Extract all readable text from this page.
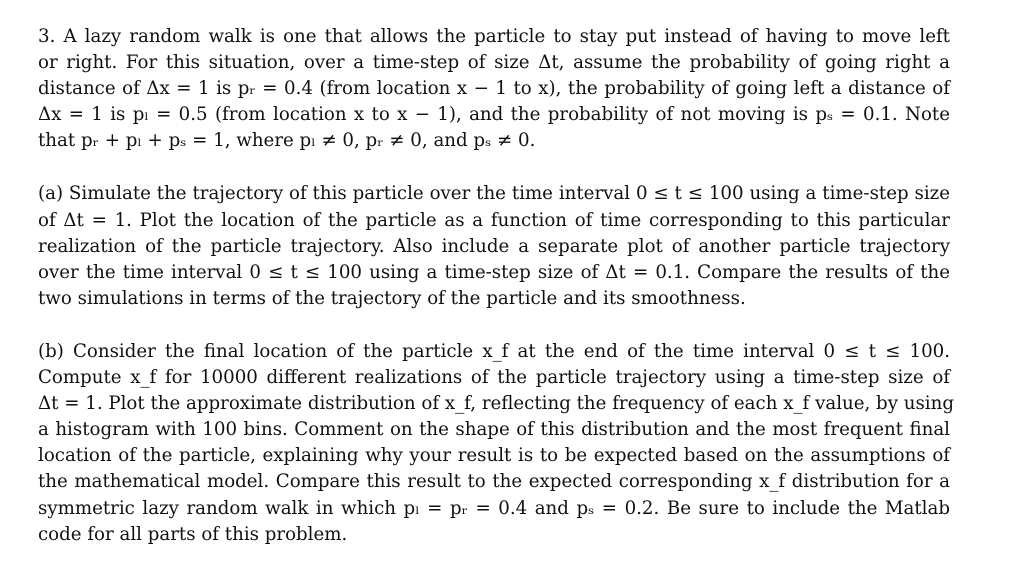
3. A lazy random walk is one that allows the particle to stay put instead of having to move left
or right. For this situation, over a time-step of size Δt, assume the probability of going right a
distance of Δx = 1 is pᵣ = 0.4 (from location x − 1 to x), the probability of going left a distance of
Δx = 1 is pₗ = 0.5 (from location x to x − 1), and the probability of not moving is pₛ = 0.1. Note
that pᵣ + pₗ + pₛ = 1, where pₗ ≠ 0, pᵣ ≠ 0, and pₛ ≠ 0.
(a) Simulate the trajectory of this particle over the time interval 0 ≤ t ≤ 100 using a time-step size
of Δt = 1. Plot the location of the particle as a function of time corresponding to this particular
realization of the particle trajectory. Also include a separate plot of another particle trajectory
over the time interval 0 ≤ t ≤ 100 using a time-step size of Δt = 0.1. Compare the results of the
two simulations in terms of the trajectory of the particle and its smoothness.
(b) Consider the final location of the particle x_f at the end of the time interval 0 ≤ t ≤ 100.
Compute x_f for 10000 different realizations of the particle trajectory using a time-step size of
Δt = 1. Plot the approximate distribution of x_f, reflecting the frequency of each x_f value, by using
a histogram with 100 bins. Comment on the shape of this distribution and the most frequent final
location of the particle, explaining why your result is to be expected based on the assumptions of
the mathematical model. Compare this result to the expected corresponding x_f distribution for a
symmetric lazy random walk in which pₗ = pᵣ = 0.4 and pₛ = 0.2. Be sure to include the Matlab
code for all parts of this problem.
